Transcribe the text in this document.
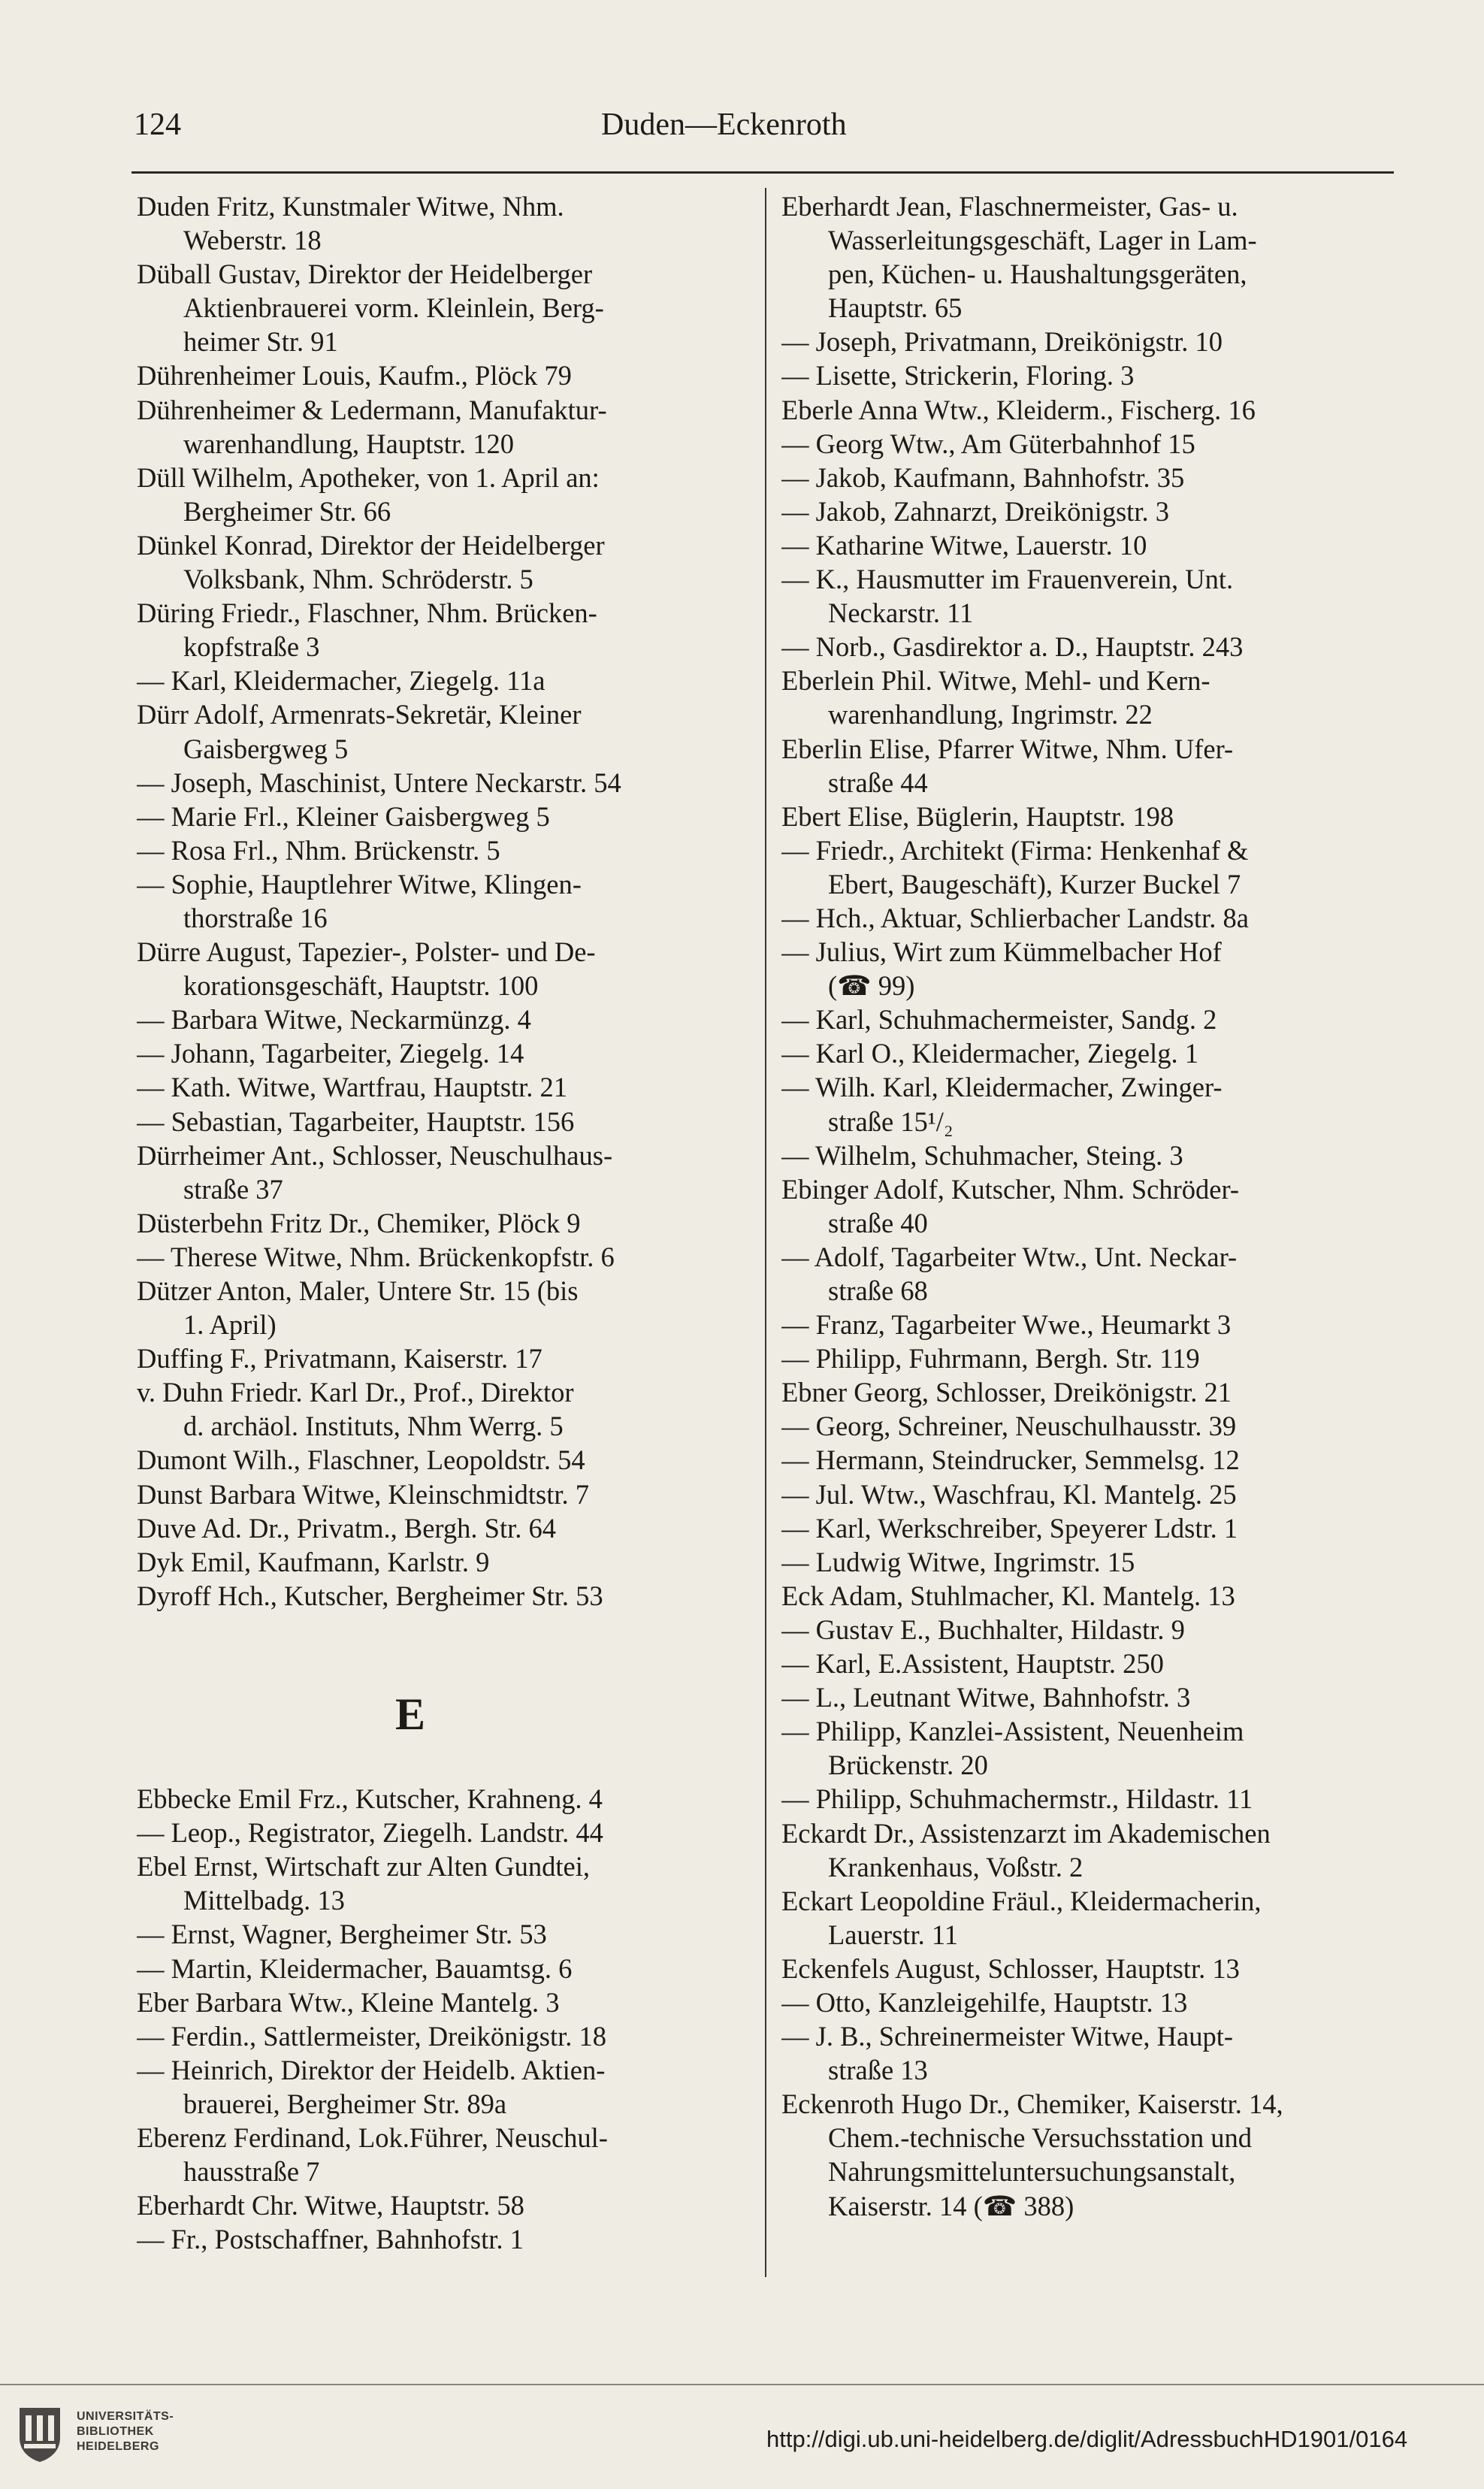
124	Duden—Eckenroth
Duden Fritz, Kunstmaler Witwe, Nhm.
Weberstr. 18
Düball Gustav, Direktor der Heidelberger
Aktienbrauerei vorm. Kleinlein, Berg-
heimer Str. 91
Dührenheimer Louis, Kaufm., Plöck 79
Dührenheimer & Ledermann, Manufaktur-
warenhandlung, Hauptstr. 120
Düll Wilhelm, Apotheker, von 1. April an:
Bergheimer Str. 66
Dünkel Konrad, Direktor der Heidelberger
Volksbank, Nhm. Schröderstr. 5
Düring Friedr., Flaschner, Nhm. Brücken-
kopfstraße 3
— Karl, Kleidermacher, Ziegelg. 11a
Dürr Adolf, Armenrats-Sekretär, Kleiner
Gaisbergweg 5
— Joseph, Maschinist, Untere Neckarstr. 54
— Marie Frl., Kleiner Gaisbergweg 5
— Rosa Frl., Nhm. Brückenstr. 5
— Sophie, Hauptlehrer Witwe, Klingen-
thorstraße 16
Dürre August, Tapezier-, Polster- und De-
korationsgeschäft, Hauptstr. 100
— Barbara Witwe, Neckarmünzg. 4
— Johann, Tagarbeiter, Ziegelg. 14
— Kath. Witwe, Wartfrau, Hauptstr. 21
— Sebastian, Tagarbeiter, Hauptstr. 156
Dürrheimer Ant., Schlosser, Neuschulhaus-
straße 37
Düsterbehn Fritz Dr., Chemiker, Plöck 9
— Therese Witwe, Nhm. Brückenkopfstr. 6
Dützer Anton, Maler, Untere Str. 15 (bis
1. April)
Duffing F., Privatmann, Kaiserstr. 17
v. Duhn Friedr. Karl Dr., Prof., Direktor
d. archäol. Instituts, Nhm Werrg. 5
Dumont Wilh., Flaschner, Leopoldstr. 54
Dunst Barbara Witwe, Kleinschmidtstr. 7
Duve Ad. Dr., Privatm., Bergh. Str. 64
Dyk Emil, Kaufmann, Karlstr. 9
Dyroff Hch., Kutscher, Bergheimer Str. 53
E
Ebbecke Emil Frz., Kutscher, Krahneng. 4
— Leop., Registrator, Ziegelh. Landstr. 44
Ebel Ernst, Wirtschaft zur Alten Gundtei,
Mittelbadg. 13
— Ernst, Wagner, Bergheimer Str. 53
— Martin, Kleidermacher, Bauamtsg. 6
Eber Barbara Wtw., Kleine Mantelg. 3
— Ferdin., Sattlermeister, Dreikönigstr. 18
— Heinrich, Direktor der Heidelb. Aktien-
brauerei, Bergheimer Str. 89a
Eberenz Ferdinand, Lok.Führer, Neuschul-
hausstraße 7
Eberhardt Chr. Witwe, Hauptstr. 58
— Fr., Postschaffner, Bahnhofstr. 1
Eberhardt Jean, Flaschnermeister, Gas- u.
Wasserleitungsgeschäft, Lager in Lam-
pen, Küchen- u. Haushaltungsgeräten,
Hauptstr. 65
— Joseph, Privatmann, Dreikönigstr. 10
— Lisette, Strickerin, Floring. 3
Eberle Anna Wtw., Kleiderm., Fischerg. 16
— Georg Wtw., Am Güterbahnhof 15
— Jakob, Kaufmann, Bahnhofstr. 35
— Jakob, Zahnarzt, Dreikönigstr. 3
— Katharine Witwe, Lauerstr. 10
— K., Hausmutter im Frauenverein, Unt.
Neckarstr. 11
— Norb., Gasdirektor a. D., Hauptstr. 243
Eberlein Phil. Witwe, Mehl- und Kern-
warenhandlung, Ingrimstr. 22
Eberlin Elise, Pfarrer Witwe, Nhm. Ufer-
straße 44
Ebert Elise, Büglerin, Hauptstr. 198
— Friedr., Architekt (Firma: Henkenhaf &
Ebert, Baugeschäft), Kurzer Buckel 7
— Hch., Aktuar, Schlierbacher Landstr. 8a
— Julius, Wirt zum Kümmelbacher Hof
(☎ 99)
— Karl, Schuhmachermeister, Sandg. 2
— Karl O., Kleidermacher, Ziegelg. 1
— Wilh. Karl, Kleidermacher, Zwinger-
straße 15¹/₂
— Wilhelm, Schuhmacher, Steing. 3
Ebinger Adolf, Kutscher, Nhm. Schröder-
straße 40
— Adolf, Tagarbeiter Wtw., Unt. Neckar-
straße 68
— Franz, Tagarbeiter Wwe., Heumarkt 3
— Philipp, Fuhrmann, Bergh. Str. 119
Ebner Georg, Schlosser, Dreikönigstr. 21
— Georg, Schreiner, Neuschulhausstr. 39
— Hermann, Steindrucker, Semmelsg. 12
— Jul. Wtw., Waschfrau, Kl. Mantelg. 25
— Karl, Werkschreiber, Speyerer Ldstr. 1
— Ludwig Witwe, Ingrimstr. 15
Eck Adam, Stuhlmacher, Kl. Mantelg. 13
— Gustav E., Buchhalter, Hildastr. 9
— Karl, E.Assistent, Hauptstr. 250
— L., Leutnant Witwe, Bahnhofstr. 3
— Philipp, Kanzlei-Assistent, Neuenheim
Brückenstr. 20
— Philipp, Schuhmachermstr., Hildastr. 11
Eckardt Dr., Assistenzarzt im Akademischen
Krankenhaus, Voßstr. 2
Eckart Leopoldine Fräul., Kleidermacherin,
Lauerstr. 11
Eckenfels August, Schlosser, Hauptstr. 13
— Otto, Kanzleigehilfe, Hauptstr. 13
— J. B., Schreinermeister Witwe, Haupt-
straße 13
Eckenroth Hugo Dr., Chemiker, Kaiserstr. 14,
Chem.-technische Versuchsstation und
Nahrungsmitteluntersuchungsanstalt,
Kaiserstr. 14 (☎ 388)
UNIVERSITÄTS-
BIBLIOTHEK
HEIDELBERG	http://digi.ub.uni-heidelberg.de/diglit/AdressbuchHD1901/0164
